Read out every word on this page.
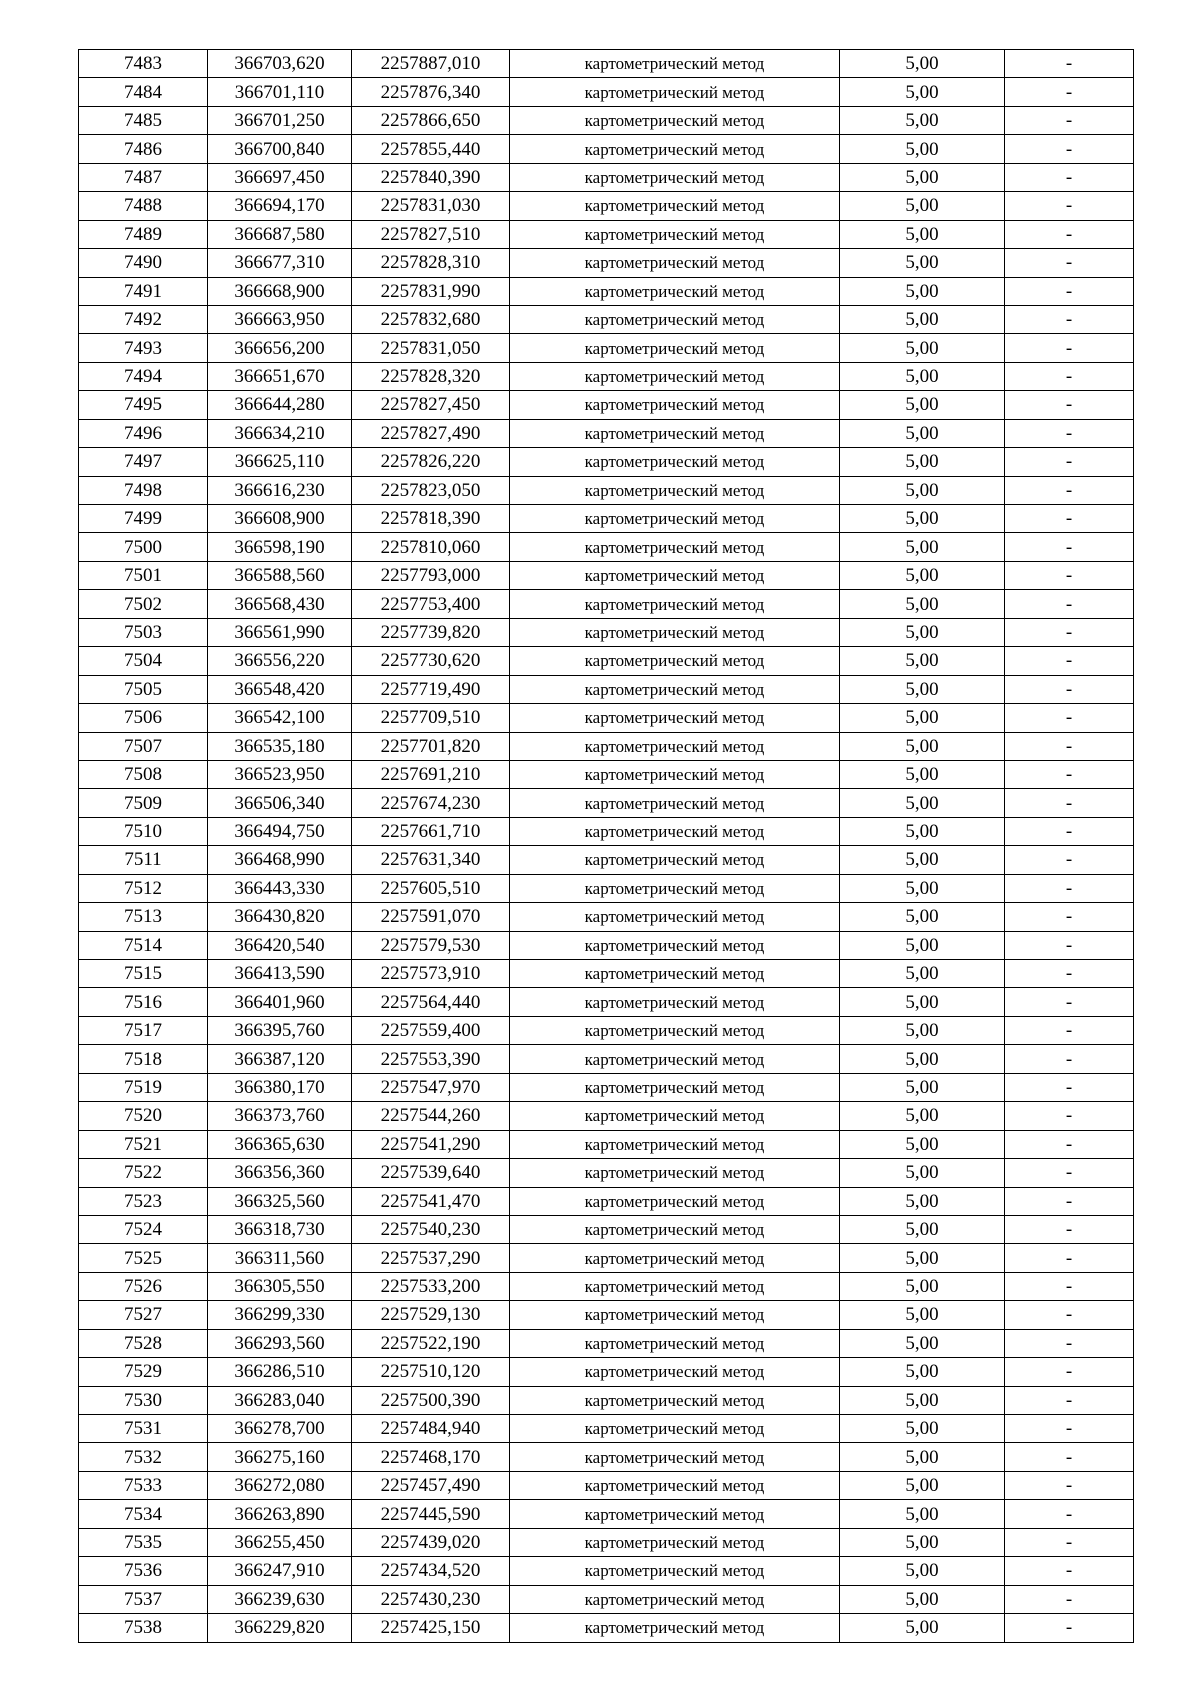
7483	366703,620	2257887,010	картометрический метод	5,00	-
7484	366701,110	2257876,340	картометрический метод	5,00	-
7485	366701,250	2257866,650	картометрический метод	5,00	-
7486	366700,840	2257855,440	картометрический метод	5,00	-
7487	366697,450	2257840,390	картометрический метод	5,00	-
7488	366694,170	2257831,030	картометрический метод	5,00	-
7489	366687,580	2257827,510	картометрический метод	5,00	-
7490	366677,310	2257828,310	картометрический метод	5,00	-
7491	366668,900	2257831,990	картометрический метод	5,00	-
7492	366663,950	2257832,680	картометрический метод	5,00	-
7493	366656,200	2257831,050	картометрический метод	5,00	-
7494	366651,670	2257828,320	картометрический метод	5,00	-
7495	366644,280	2257827,450	картометрический метод	5,00	-
7496	366634,210	2257827,490	картометрический метод	5,00	-
7497	366625,110	2257826,220	картометрический метод	5,00	-
7498	366616,230	2257823,050	картометрический метод	5,00	-
7499	366608,900	2257818,390	картометрический метод	5,00	-
7500	366598,190	2257810,060	картометрический метод	5,00	-
7501	366588,560	2257793,000	картометрический метод	5,00	-
7502	366568,430	2257753,400	картометрический метод	5,00	-
7503	366561,990	2257739,820	картометрический метод	5,00	-
7504	366556,220	2257730,620	картометрический метод	5,00	-
7505	366548,420	2257719,490	картометрический метод	5,00	-
7506	366542,100	2257709,510	картометрический метод	5,00	-
7507	366535,180	2257701,820	картометрический метод	5,00	-
7508	366523,950	2257691,210	картометрический метод	5,00	-
7509	366506,340	2257674,230	картометрический метод	5,00	-
7510	366494,750	2257661,710	картометрический метод	5,00	-
7511	366468,990	2257631,340	картометрический метод	5,00	-
7512	366443,330	2257605,510	картометрический метод	5,00	-
7513	366430,820	2257591,070	картометрический метод	5,00	-
7514	366420,540	2257579,530	картометрический метод	5,00	-
7515	366413,590	2257573,910	картометрический метод	5,00	-
7516	366401,960	2257564,440	картометрический метод	5,00	-
7517	366395,760	2257559,400	картометрический метод	5,00	-
7518	366387,120	2257553,390	картометрический метод	5,00	-
7519	366380,170	2257547,970	картометрический метод	5,00	-
7520	366373,760	2257544,260	картометрический метод	5,00	-
7521	366365,630	2257541,290	картометрический метод	5,00	-
7522	366356,360	2257539,640	картометрический метод	5,00	-
7523	366325,560	2257541,470	картометрический метод	5,00	-
7524	366318,730	2257540,230	картометрический метод	5,00	-
7525	366311,560	2257537,290	картометрический метод	5,00	-
7526	366305,550	2257533,200	картометрический метод	5,00	-
7527	366299,330	2257529,130	картометрический метод	5,00	-
7528	366293,560	2257522,190	картометрический метод	5,00	-
7529	366286,510	2257510,120	картометрический метод	5,00	-
7530	366283,040	2257500,390	картометрический метод	5,00	-
7531	366278,700	2257484,940	картометрический метод	5,00	-
7532	366275,160	2257468,170	картометрический метод	5,00	-
7533	366272,080	2257457,490	картометрический метод	5,00	-
7534	366263,890	2257445,590	картометрический метод	5,00	-
7535	366255,450	2257439,020	картометрический метод	5,00	-
7536	366247,910	2257434,520	картометрический метод	5,00	-
7537	366239,630	2257430,230	картометрический метод	5,00	-
7538	366229,820	2257425,150	картометрический метод	5,00	-
